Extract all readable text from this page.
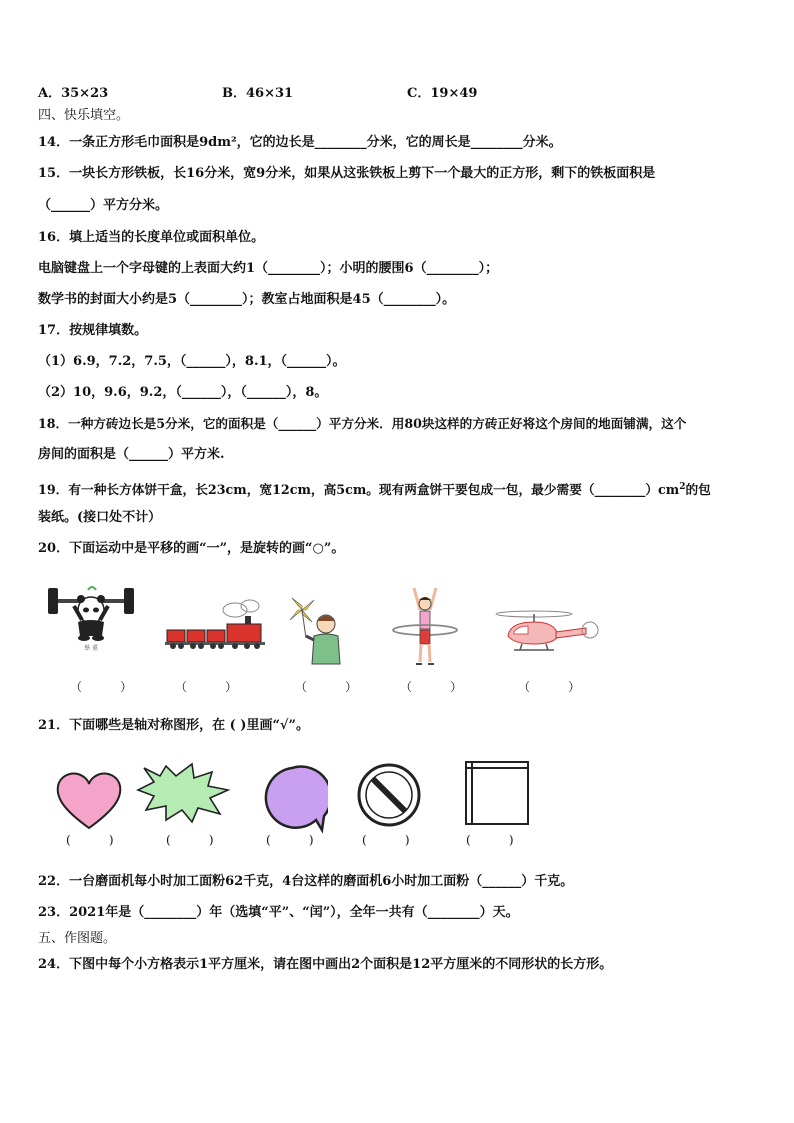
A．35×23	B．46×31	C．19×49
四、快乐填空。
14．一条正方形毛巾面积是9dm²，它的边长是________分米，它的周长是________分米。
15．一块长方形铁板，长16分米，宽9分米，如果从这张铁板上剪下一个最大的正方形，剩下的铁板面积是
（______）平方分米。
16．填上适当的长度单位或面积单位。
电脑键盘上一个字母键的上表面大约1（________）；小明的腰围6（________）；
数学书的封面大小约是5（________）；教室占地面积是45（________）。
17．按规律填数。
（1）6.9，7.2，7.5，（______），8.1，（______）。
（2）10，9.6，9.2，（______），（______），8。
18．一种方砖边长是5分米，它的面积是（______）平方分米．用80块这样的方砖正好将这个房间的地面铺满，这个
房间的面积是（______）平方米.
19．有一种长方体饼干盒，长23cm，宽12cm，高5cm。现有两盒饼干要包成一包，最少需要$(\_\_\_\_\_\_\_\_)cm^2$的包
装纸。(接口处不计）
20．下面运动中是平移的画“一”，是旋转的画“○”。
举 重
（          ）	（          ）	（          ）	（          ）	（          ）
21．下面哪些是轴对称图形，在 ( )里画“√”。
(          )	(          )	(          )	(          )	(          )
22．一台磨面机每小时加工面粉62千克，4台这样的磨面机6小时加工面粉（______）千克。
23．2021年是（________）年（选填“平”、“闰”），全年一共有（________）天。
五、作图题。
24．下图中每个小方格表示1平方厘米，请在图中画出2个面积是12平方厘米的不同形状的长方形。
